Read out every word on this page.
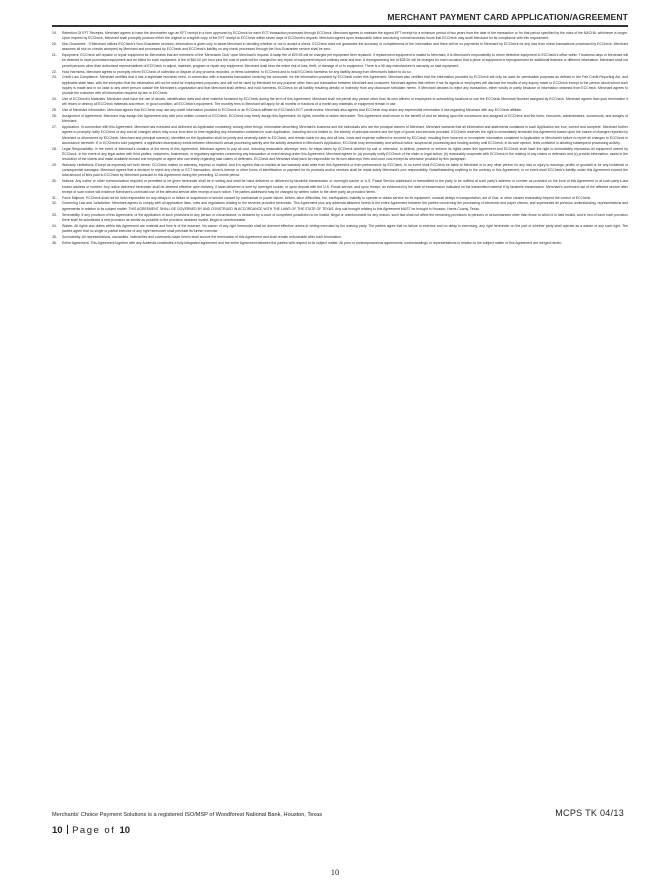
MERCHANT PAYMENT CARD APPLICATION/AGREEMENT
19.	Retention Of EFT Receipts. Merchant agrees to have the checkwriter sign an EFT receipt in a form approved by ECCheck for each ECT transaction processed through ECCheck. Merchant agrees to maintain the signed EFT receipt for a minimum period of two years from the date of the transaction or for that period specified by the rules of the NACHA, whichever is longer. Upon request by ECCheck, Merchant shall promptly produce either the original or a legible copy of the EFT receipt to ECCheck within seven days of ECCheck's request. Merchant agrees upon reasonable notice and during normal business hours that ECCheck may audit Merchant for its compliance with this requirement.
20.	Non-Guarantee . If Merchant utilizes ECCheck's Non-Guarantee services, information is given only to assist Merchant in deciding whether or not to accept a check. ECCheck does not guarantee the accuracy or completeness of the information and there will be no payments to Merchant by ECCheck for any loss from check transactions processed by ECCheck. Merchant assumes all risk on checks accepted by Merchant and processed by ECCheck and ECCheck's liability on any check processed through the Non-Guarantee service shall be zero.
21.	Equipment. ECCheck will replace or repair equipment for Merchants that are members of the 'Merchants Club' upon Merchant's request. A swap fee of $29.95 will be charged per equipment item replaced. If replacement equipment is mailed to Merchant, it is Merchant's responsibility to return defective equipment to ECCheck's office within 7 business days or Merchant will be deemed to have purchased equipment and be billed for such equipment. A fee of $40.00 per hour plus the cost of parts will be charged for any repair of equipment beyond ordinary wear and tear. A reprogramming fee of $25.00 will be charged for each occasion that a piece of equipment is reprogrammed for additional features or different information. Merchant shall not permit persons other than authorized representatives of ECCheck to adjust, maintain, program or repair any equipment. Merchant shall bear the entire risk of loss, theft, or damage of or to equipment. There is a 90-day manufacturer's warranty on said equipment.
22.	Hold Harmless. Merchant agrees to promptly inform ECCheck of collection or dispute of any process recorded, or items submitted, to ECCheck and to hold ECCheck harmless for any liability arising from Merchant's failure to do so.
23.	Credit Law Compliance. Merchant certifies that it has a legitimate business need, in connection with a business transaction involving the consumer, for the information provided by ECCheck under this Agreement. Merchant also certifies that the information provided by ECCheck will only be used for permissible purposes as defined in the Fair Credit Reporting Act, and applicable state laws, with the exception that the information will not be used for employment purposes, and will not be used by Merchant for any purpose other than one transaction between Merchant and consumer. Merchant agrees that neither it nor its agents or employees will disclose the results of any inquiry made to ECCheck except to the person about whom such inquiry is made and in no case to any other person outside the Merchant's organization and that Merchant shall defend, and hold harmless, ECCheck for all liability resulting directly or indirectly from any disclosure forbidden herein. If Merchant decides to reject any transaction, either wholly or partly because of information obtained from ECCheck, Merchant agrees to provide the customer with all information required by law or ECCheck.
24.	Use of ECCheck's Materials. Merchant shall have the use of decals, identification data and other material furnished by ECCheck during the term of this Agreement. Merchant shall not permit any person other than its own officers or employees at subscribing locations to use the ECCheck Merchant Number assigned by ECCheck. Merchant agrees that upon termination it will return or destroy all ECCheck materials and return, in good condition, all ECCheck's equipment. The monthly fees to Merchant will apply for all months or fractions of a month any materials or equipment remain in use.
25.	Use of Merchant Information. Merchant agrees that ECCheck may use any credit information provided to ECCheck or an ECCheck affiliate for ECCheck's ECT credit review. Merchant also agrees that ECCheck may share any experiential information it has regarding Merchant with any ECCheck affiliate.
26.	Assignment of Agreement. Merchant may assign this Agreement only with prior written consent of ECCheck. ECCheck may freely assign this Agreement, its rights, benefits of duties hereunder. This Agreement shall insure to the benefit of and be binding upon the successors and assigned of ECCheck and the heirs, executors, administrators, successors, and assigns of Merchant.
27.	Application. In connection with this Agreement, Merchant has executed and delivered an Application containing, among other things, information describing Merchant's business and the individuals who are the principal owners of Merchant. Merchant warrants that all information and statements contained in such Application are true, correct and complete. Merchant further agrees to promptly notify ECCheck of any and all changes which may occur from time to time regarding any information contained in such Application, including but not limited to, the identity of principal owners and the type of goods and services provided. ECCheck reserves the right to immediately terminate this Agreement based upon the nature of changes reported by Merchant or discovered by ECCheck. Merchant and principal owner(s), identified on the Application shall be jointly and severally liable to ECCheck, and remain liable for any and all loss, costs and expense suffered or incurred by ECCheck, resulting from incorrect or incomplete information contained in Application or Merchant's failure to report all changes to ECCheck in accordance herewith. If, in ECCheck's sole judgment, a significant discrepancy exists between Merchant's actual processing activity and the activity described in Merchant's Application, ECCheck may immediately and without notice, suspend all processing and funding activity until ECCheck, in its sole opinion, feels confident in allowing subsequent processing activity.
28.	Legal Responsibility. In the event of Merchant's violation of the terms of this Agreement, Merchant agrees to pay all cost, including reasonable attorneys' fees, for steps taken by ECCheck whether by suit or otherwise, to defend, preserve or enforce its rights under this Agreement and ECCheck shall have the right to immediately repossess all equipment owned by ECCheck. In the event of any legal action with third parties, customers, businesses, or regulatory agencies concerning any transaction or event arising under this Agreement, Merchant agrees to: (a) promptly notify ECCheck of the claim or legal action; (b) reasonably cooperate with ECCheck in the making of any claims or defenses and (c) provide information, assist in the resolution of the claims and make available at least one employee or agent who can testify regarding said claims or defenses. ECCheck and Merchant shall each be responsible for its own attorneys' fees and court cost except as otherwise provided by this paragraph.
29.	Warranty Limitations. Except as expressly set forth herein, ECCheck makes no warranty, express or implied, and it is agreed that no implied at law warranty shall arise from this Agreement or from performance by ECCheck. In no event shall ECCheck be liable to Merchant or to any other person for any loss or injury to earnings, profits or goodwill or for any incidental or consequential damages. Merchant agrees that a decision to reject any check or ECT transaction, driver's license or other forms of identification or payment for its products and/or services shall be made solely Merchant's own responsibility. Notwithstanding anything to the contrary in this Agreement, in no event shall ECCheck's liability under this Agreement exceed the total amount of fees paid to ECCheck by Merchant pursuant to this Agreement during the preceding 12-month period.
30.	Notices. Any notice or other communication required or permitted to be given hereunder shall be in writing and shall be hand delivered or delivered by facsimile transmission or overnight courier or U.S. Postal Service addressed or transmitted to the party to be notified at such party's address or number as provided on the front of this Agreement or at such party's last known address or number. Any notice delivered hereunder shall be deemed effective upon delivery, if hand delivered or sent by overnight courier, or upon deposit with the U.S. Postal service, and upon receipt, as evidenced by the date of transmission indicated on the transmitted material if by facsimile transmission. Merchant's continued use of the affected service after receipt of such notice will evidence Merchant's continued use of the affected service after receipt of such notice. The parties addressed may be changed by written notice to the other party as provided herein.
31.	Force Majeure. ECCheck shall not be held responsible for any delays in or failure of suspension of service caused by mechanical or power failure, strikes, labor difficulties, fire, earthquakes, inability to operate or obtain service for its equipment, unusual delays in transportation, act of God, or other causes reasonably beyond the control of ECCheck.
32.	Governing Law and Jurisdiction. Merchant agrees to comply with all application laws, rules and regulations relating to the services provided hereunder. This Agreement plus any addenda attached hereto is the entire Agreement between the parties concerning the processing of electronic and paper checks, and supersedes all previous understanding, representations and agreements in relation to its subject matter. THIS AGREEMENT SHALL BE GOVERNED BY AND CONSTRUED IN ACCORDANCE WITH THE LAWS OF THE STATE OF TEXAS. Any suit brought relating to this Agreement MUST be brought in Houston, Harris County, Texas.
33.	Severability. If any provision of this Agreement, or the application of such provisions to any person or circumstance, is declared by a court of competent jurisdiction to be invalid, illegal or unenforceable for any reason, such fact shall not affect the remaining provisions to persons or circumstances other than those to which it is held invalid, and in lieu of each such provision there shall be substituted a new provision as similar as possible to the provision declared invalid, illegal or unenforceable.
34.	Waiver. All rights and duties within this Agreement are material and time is of the essence. No waiver of any right hereunder shall be deemed effective unless in writing executed by the waiving party. The parties agree that no failure to exercise and no delay in exercising, any right hereunder on the part of whether party shall operate as a waiver of any such right. The parties agree that no single or partial exercise of any right hereunder shall preclude its further exercise.
35.	Survivability. All representations, warranties, indemnities and covenants made herein shall survive the termination of this Agreement and shall remain enforceable after such termination.
36.	Entire Agreement. This Agreement together with any Addenda constitutes a fully integrated agreement and the entire Agreement between the parties with respect to its subject matter. All prior or contemporaneous agreements, understandings or representations in relation to the subject matter of this Agreement are merged herein.
Merchants' Choice Payment Solutions is a registered ISO/MSP of Woodforest National Bank, Houston, Texas	MCPS TK 04/13
10 Page of 10
10
